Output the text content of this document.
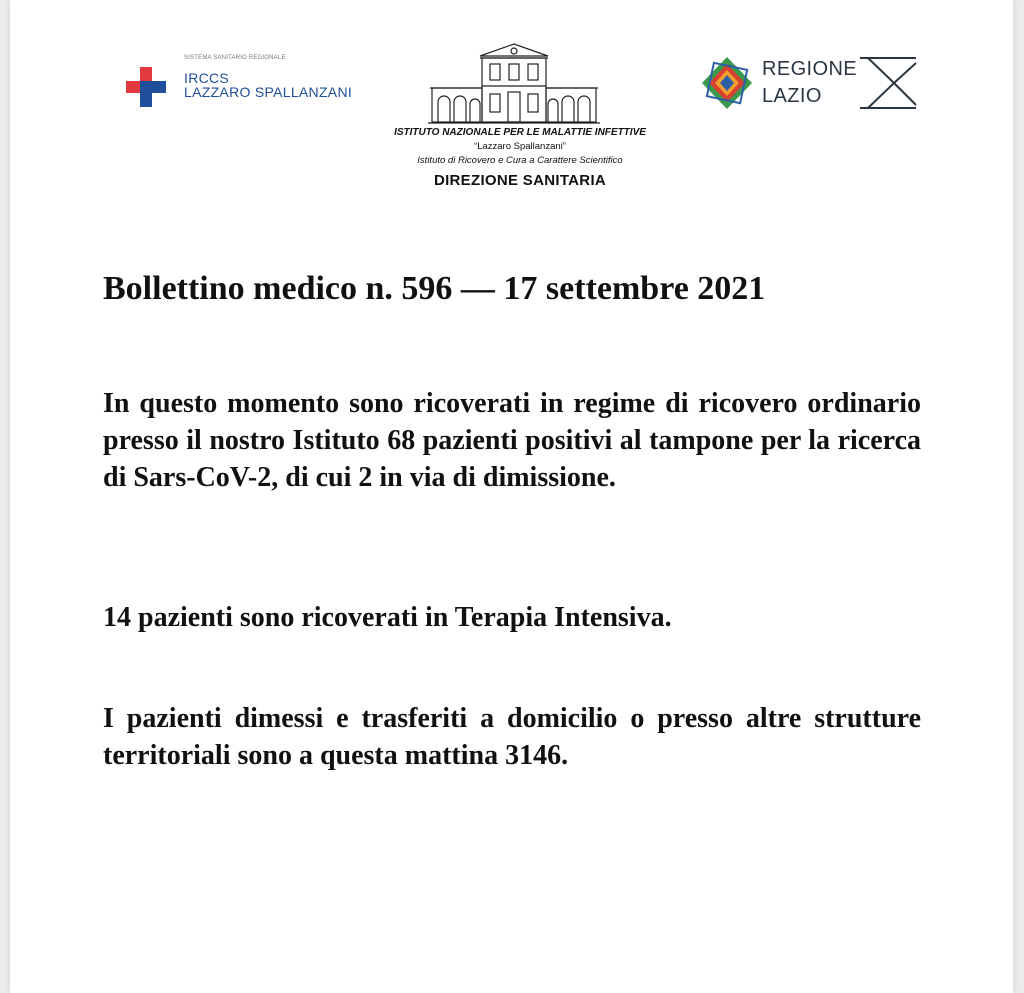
SISTEMA SANITARIO REGIONALE
IRCCS
LAZZARO SPALLANZANI
ISTITUTO NAZIONALE PER LE MALATTIE INFETTIVE
“Lazzaro Spallanzani”
Istituto di Ricovero e Cura a Carattere Scientifico
DIREZIONE SANITARIA
REGIONE
LAZIO
Bollettino medico n. 596 — 17 settembre 2021
In questo momento sono ricoverati in regime di ricovero ordinario presso il nostro Istituto 68 pazienti positivi al tampone per la ricerca di Sars-CoV-2, di cui 2 in via di dimissione.
14 pazienti sono ricoverati in Terapia Intensiva.
I pazienti dimessi e trasferiti a domicilio o presso altre strutture territoriali sono a questa mattina 3146.
